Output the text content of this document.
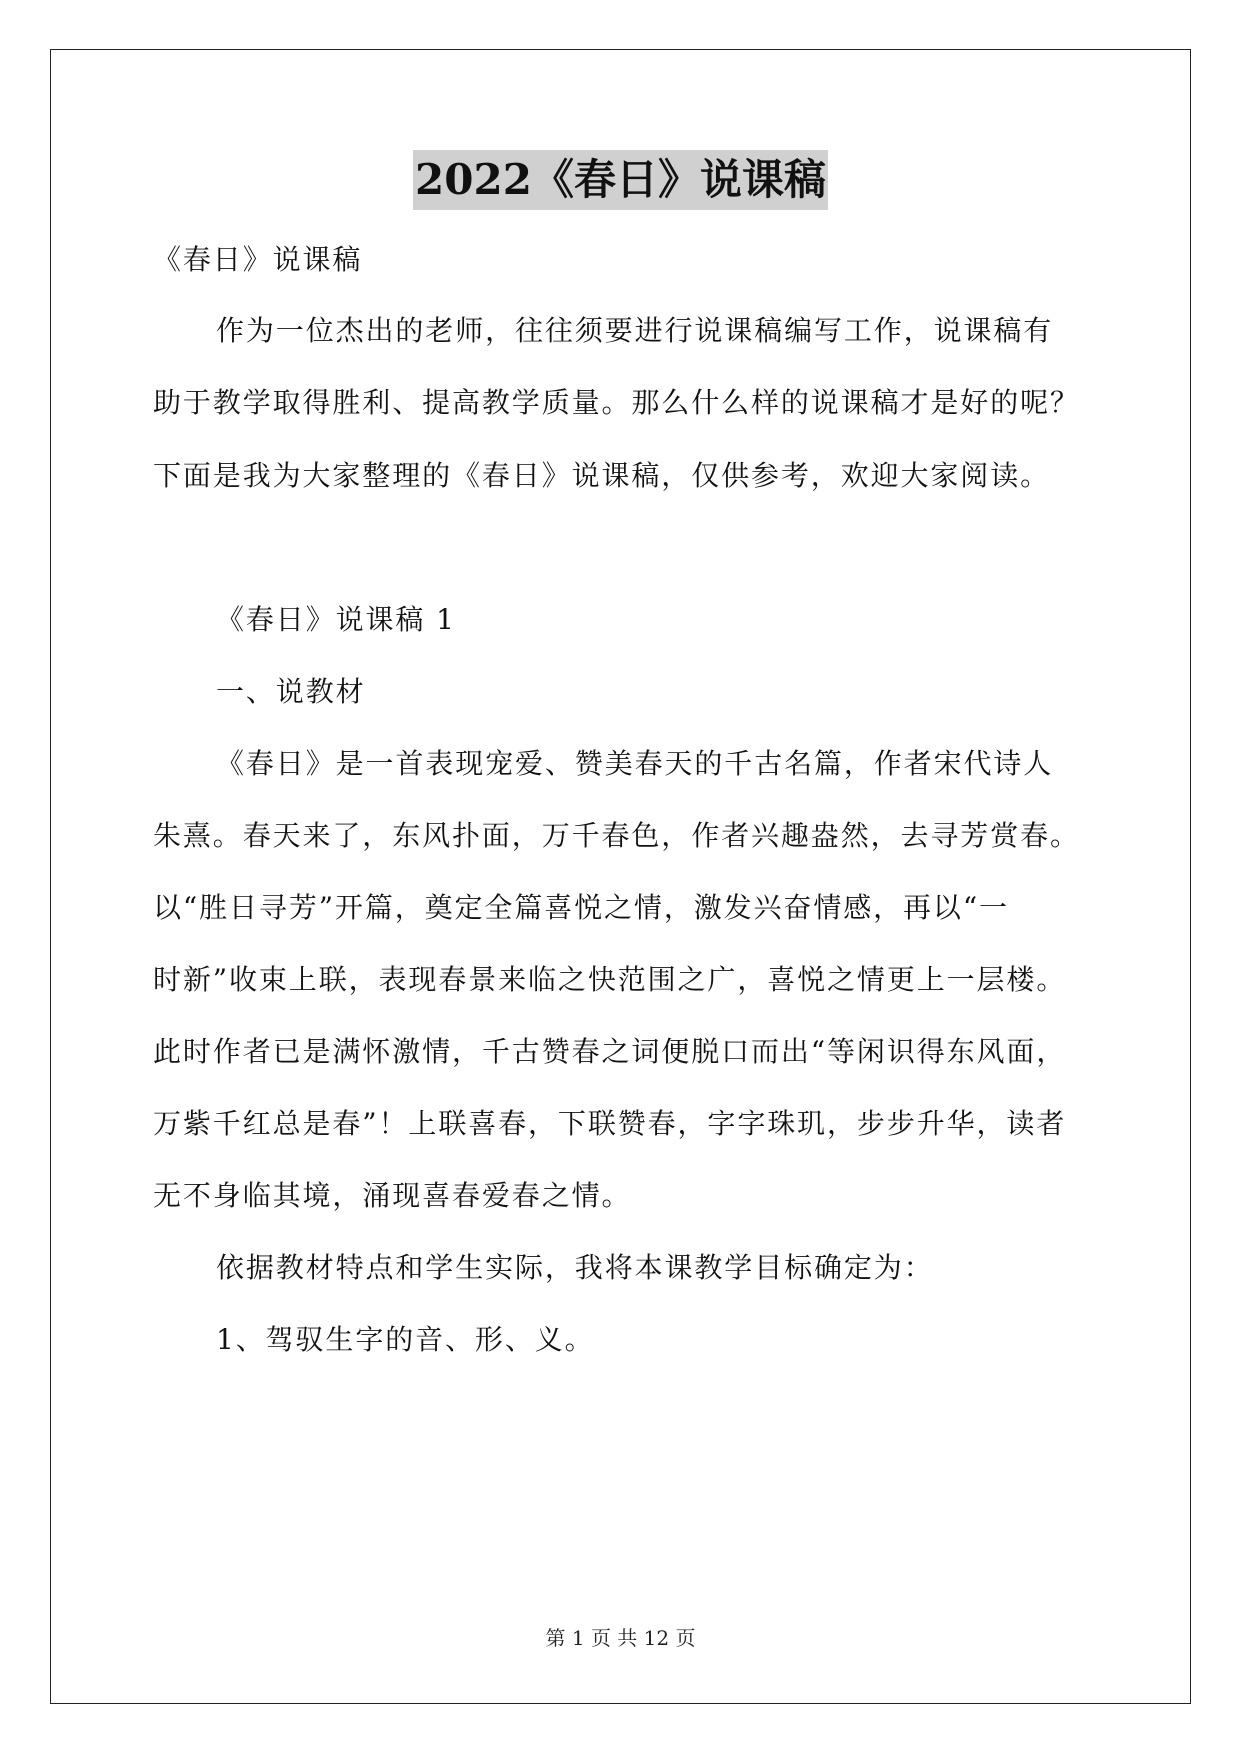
2022《春日》说课稿
《春日》说课稿
作为一位杰出的老师，往往须要进行说课稿编写工作，说课稿有
助于教学取得胜利、提高教学质量。那么什么样的说课稿才是好的呢？
下面是我为大家整理的《春日》说课稿，仅供参考，欢迎大家阅读。
《春日》说课稿 1
一、说教材
《春日》是一首表现宠爱、赞美春天的千古名篇，作者宋代诗人
朱熹。春天来了，东风扑面，万千春色，作者兴趣盎然，去寻芳赏春。
以“胜日寻芳”开篇，奠定全篇喜悦之情，激发兴奋情感，再以“一
时新”收束上联，表现春景来临之快范围之广，喜悦之情更上一层楼。
此时作者已是满怀激情，千古赞春之词便脱口而出“等闲识得东风面，
万紫千红总是春”！上联喜春，下联赞春，字字珠玑，步步升华，读者
无不身临其境，涌现喜春爱春之情。
依据教材特点和学生实际，我将本课教学目标确定为：
1、驾驭生字的音、形、义。
第 1 页 共 12 页
